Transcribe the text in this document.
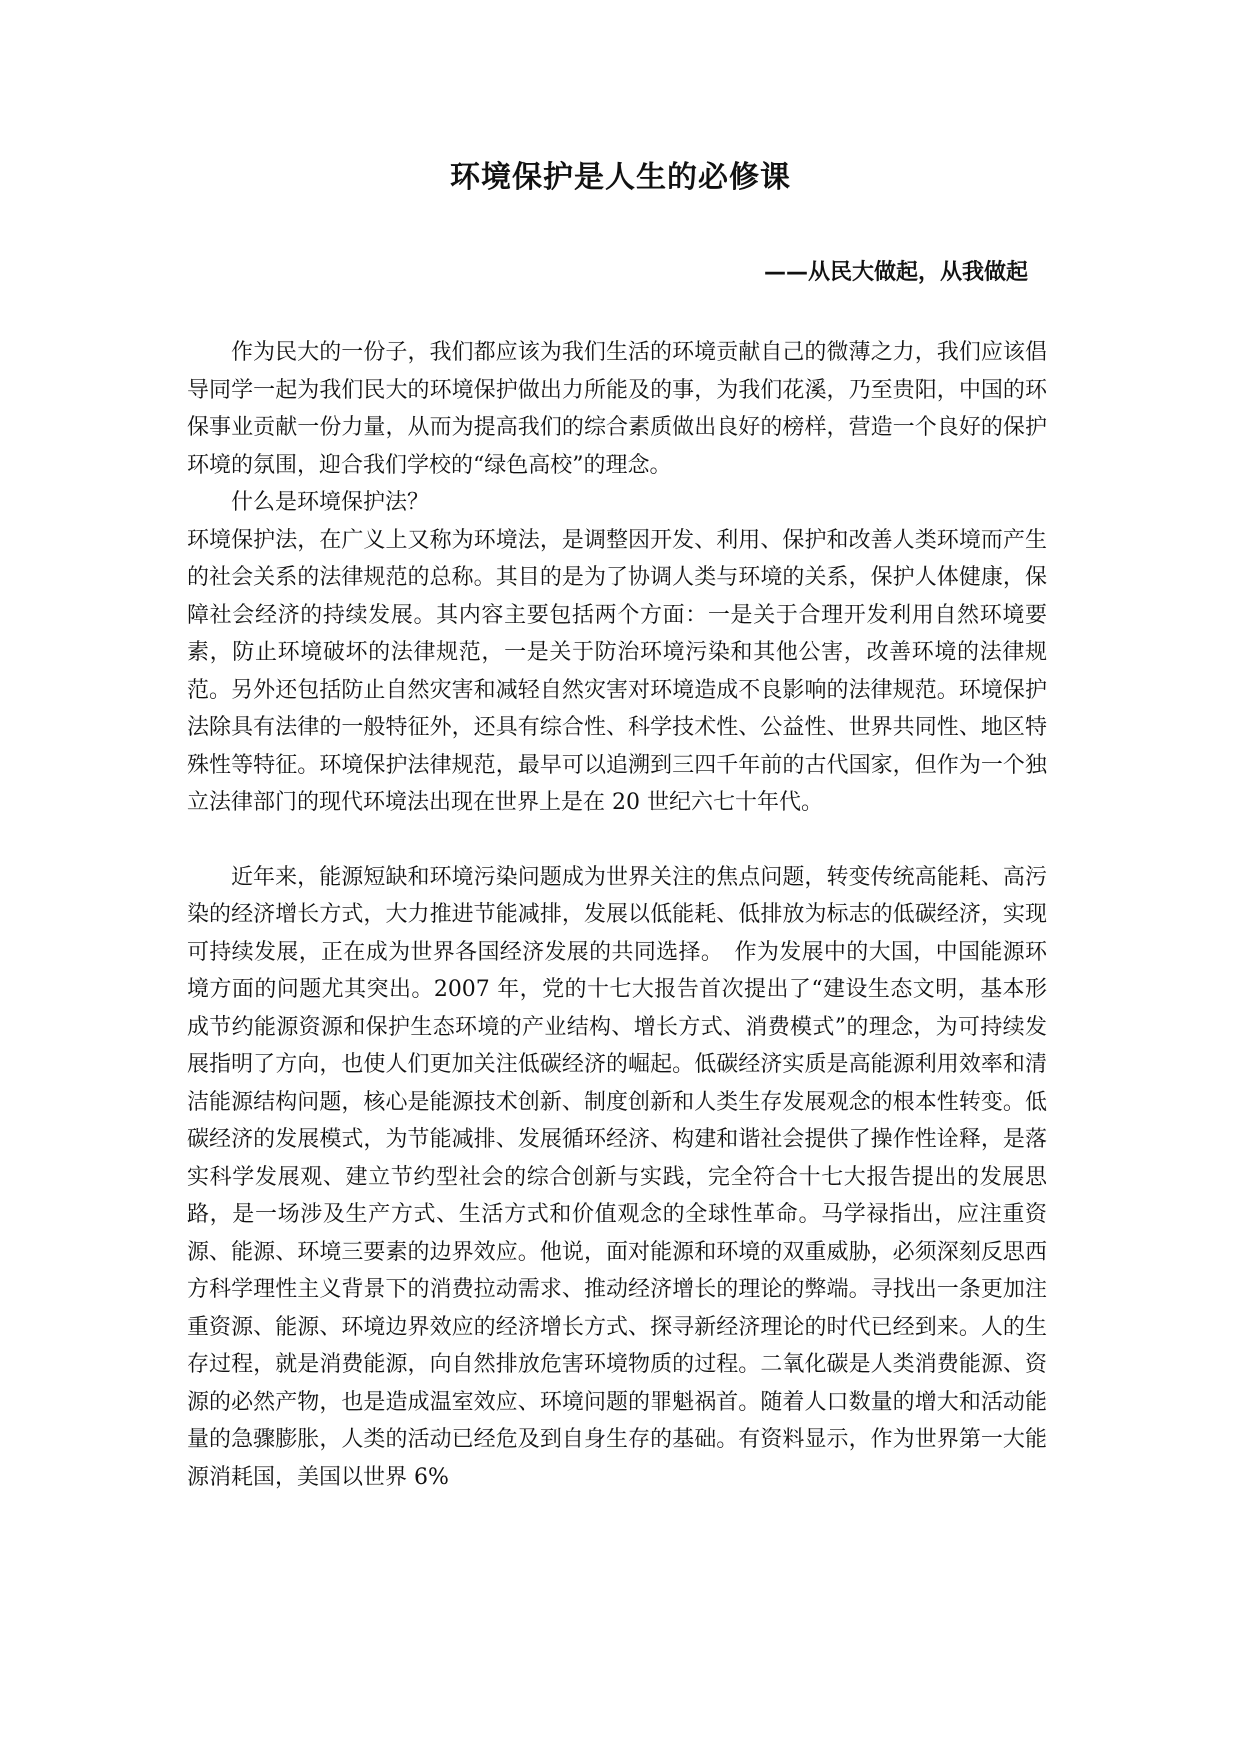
环境保护是人生的必修课
——从民大做起，从我做起

作为民大的一份子，我们都应该为我们生活的环境贡献自己的微薄之力，我们应该倡导同学一起为我们民大的环境保护做出力所能及的事，为我们花溪，乃至贵阳，中国的环保事业贡献一份力量，从而为提高我们的综合素质做出良好的榜样，营造一个良好的保护环境的氛围，迎合我们学校的“绿色高校”的理念。

什么是环境保护法？

环境保护法，在广义上又称为环境法，是调整因开发、利用、保护和改善人类环境而产生的社会关系的法律规范的总称。其目的是为了协调人类与环境的关系，保护人体健康，保障社会经济的持续发展。其内容主要包括两个方面：一是关于合理开发利用自然环境要素，防止环境破坏的法律规范，一是关于防治环境污染和其他公害，改善环境的法律规范。另外还包括防止自然灾害和减轻自然灾害对环境造成不良影响的法律规范。环境保护法除具有法律的一般特征外，还具有综合性、科学技术性、公益性、世界共同性、地区特殊性等特征。环境保护法律规范，最早可以追溯到三四千年前的古代国家，但作为一个独立法律部门的现代环境法出现在世界上是在 20 世纪六七十年代。

近年来，能源短缺和环境污染问题成为世界关注的焦点问题，转变传统高能耗、高污染的经济增长方式，大力推进节能减排，发展以低能耗、低排放为标志的低碳经济，实现可持续发展，正在成为世界各国经济发展的共同选择。　作为发展中的大国，中国能源环境方面的问题尤其突出。2007 年，党的十七大报告首次提出了“建设生态文明，基本形成节约能源资源和保护生态环境的产业结构、增长方式、消费模式”的理念，为可持续发展指明了方向，也使人们更加关注低碳经济的崛起。低碳经济实质是高能源利用效率和清洁能源结构问题，核心是能源技术创新、制度创新和人类生存发展观念的根本性转变。低碳经济的发展模式，为节能减排、发展循环经济、构建和谐社会提供了操作性诠释，是落实科学发展观、建立节约型社会的综合创新与实践，完全符合十七大报告提出的发展思路，是一场涉及生产方式、生活方式和价值观念的全球性革命。马学禄指出，应注重资源、能源、环境三要素的边界效应。他说，面对能源和环境的双重威胁，必须深刻反思西方科学理性主义背景下的消费拉动需求、推动经济增长的理论的弊端。寻找出一条更加注重资源、能源、环境边界效应的经济增长方式、探寻新经济理论的时代已经到来。人的生存过程，就是消费能源，向自然排放危害环境物质的过程。二氧化碳是人类消费能源、资源的必然产物，也是造成温室效应、环境问题的罪魁祸首。随着人口数量的增大和活动能量的急骤膨胀，人类的活动已经危及到自身生存的基础。有资料显示，作为世界第一大能源消耗国，美国以世界 6%
